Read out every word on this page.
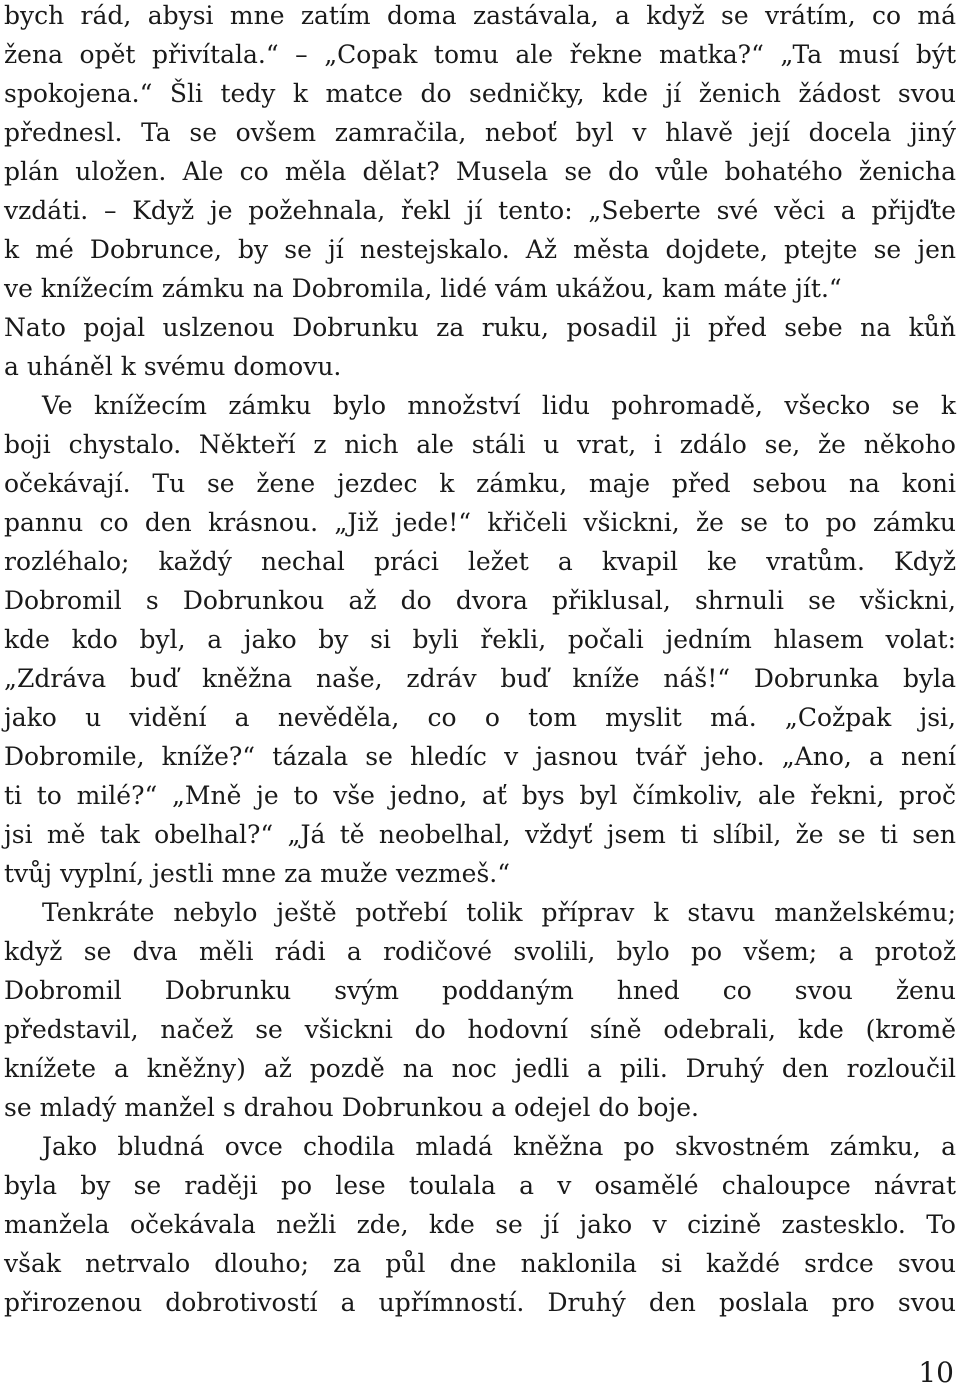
bych rád, abysi mne zatím doma zastávala, a když se vrátím, co má
žena opět přivítala.“ – „Copak tomu ale řekne matka?“ „Ta musí být
spokojena.“ Šli tedy k matce do sedničky, kde jí ženich žádost svou
přednesl. Ta se ovšem zamračila, neboť byl v hlavě její docela jiný
plán uložen. Ale co měla dělat? Musela se do vůle bohatého ženicha
vzdáti. – Když je požehnala, řekl jí tento: „Seberte své věci a přijďte
k mé Dobrunce, by se jí nestejskalo. Až města dojdete, ptejte se jen
ve knížecím zámku na Dobromila, lidé vám ukážou, kam máte jít.“
Nato pojal uslzenou Dobrunku za ruku, posadil ji před sebe na kůň
a uháněl k svému domovu.
Ve knížecím zámku bylo množství lidu pohromadě, všecko se k
boji chystalo. Někteří z nich ale stáli u vrat, i zdálo se, že někoho
očekávají. Tu se žene jezdec k zámku, maje před sebou na koni
pannu co den krásnou. „Již jede!“ křičeli všickni, že se to po zámku
rozléhalo; každý nechal práci ležet a kvapil ke vratům. Když
Dobromil s Dobrunkou až do dvora přiklusal, shrnuli se všickni,
kde kdo byl, a jako by si byli řekli, počali jedním hlasem volat:
„Zdráva buď kněžna naše, zdráv buď kníže náš!“ Dobrunka byla
jako u vidění a nevěděla, co o tom myslit má. „Cožpak jsi,
Dobromile, kníže?“ tázala se hledíc v jasnou tvář jeho. „Ano, a není
ti to milé?“ „Mně je to vše jedno, ať bys byl čímkoliv, ale řekni, proč
jsi mě tak obelhal?“ „Já tě neobelhal, vždyť jsem ti slíbil, že se ti sen
tvůj vyplní, jestli mne za muže vezmeš.“
Tenkráte nebylo ještě potřebí tolik příprav k stavu manželskému;
když se dva měli rádi a rodičové svolili, bylo po všem; a protož
Dobromil Dobrunku svým poddaným hned co svou ženu
představil, načež se všickni do hodovní síně odebrali, kde (kromě
knížete a kněžny) až pozdě na noc jedli a pili. Druhý den rozloučil
se mladý manžel s drahou Dobrunkou a odejel do boje.
Jako bludná ovce chodila mladá kněžna po skvostném zámku, a
byla by se raději po lese toulala a v osamělé chaloupce návrat
manžela očekávala nežli zde, kde se jí jako v cizině zastesklo. To
však netrvalo dlouho; za půl dne naklonila si každé srdce svou
přirozenou dobrotivostí a upřímností. Druhý den poslala pro svou
10
